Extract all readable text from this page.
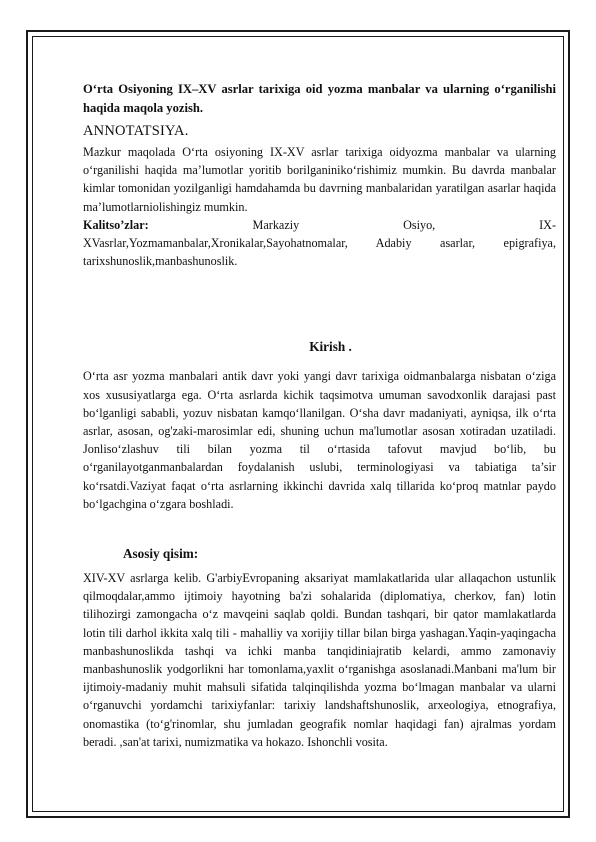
O‘rta Osiyoning IX–XV asrlar tarixiga oid yozma manbalar va ularning o‘rganilishi haqida maqola yozish.

ANNOTATSIYA.

Mazkur maqolada O‘rta osiyoning IX-XV asrlar tarixiga oidyozma manbalar va ularning o‘rganilishi haqida ma’lumotlar yoritib borilganiniko‘rishimiz mumkin. Bu davrda manbalar kimlar tomonidan yozilganligi hamdahamda bu davrning manbalaridan yaratilgan asarlar haqida ma’lumotlarniolishingiz mumkin.

Kalitso’zlar:	Markaziy	Osiyo,	IX-

XVasrlar,Yozmamanbalar,Xronikalar,Sayohatnomalar, Adabiy asarlar, epigrafiya, tarixshunoslik,manbashunoslik.

Kirish .

O‘rta asr yozma manbalari antik davr yoki yangi davr tarixiga oidmanbalarga nisbatan o‘ziga xos xususiyatlarga ega. O‘rta asrlarda kichik taqsimotva umuman savodxonlik darajasi past bo‘lganligi sababli, yozuv nisbatan kamqo‘llanilgan. O‘sha davr madaniyati, ayniqsa, ilk o‘rta asrlar, asosan, og'zaki-marosimlar edi, shuning uchun ma'lumotlar asosan xotiradan uzatiladi. Jonliso‘zlashuv tili bilan yozma til o‘rtasida tafovut mavjud bo‘lib, bu o‘rganilayotganmanbalardan foydalanish uslubi, terminologiyasi va tabiatiga ta’sir ko‘rsatdi.Vaziyat faqat o‘rta asrlarning ikkinchi davrida xalq tillarida ko‘proq matnlar paydo bo‘lgachgina o‘zgara boshladi.

Asosiy qisim:

XIV-XV asrlarga kelib. G'arbiyEvropaning aksariyat mamlakatlarida ular allaqachon ustunlik qilmoqdalar,ammo ijtimoiy hayotning ba'zi sohalarida (diplomatiya, cherkov, fan) lotin tilihozirgi zamongacha o‘z mavqeini saqlab qoldi. Bundan tashqari, bir qator mamlakatlarda lotin tili darhol ikkita xalq tili - mahalliy va xorijiy tillar bilan birga yashagan.Yaqin-yaqingacha manbashunoslikda tashqi va ichki manba tanqidiniajratib kelardi, ammo zamonaviy manbashunoslik yodgorlikni har tomonlama,yaxlit o‘rganishga asoslanadi.Manbani ma'lum bir ijtimoiy-madaniy muhit mahsuli sifatida talqinqilishda yozma bo‘lmagan manbalar va ularni o‘rganuvchi yordamchi tarixiyfanlar: tarixiy landshaftshunoslik, arxeologiya, etnografiya, onomastika (to‘g'rinomlar, shu jumladan geografik nomlar haqidagi fan) ajralmas yordam beradi. ,san'at tarixi, numizmatika va hokazo. Ishonchli vosita.
